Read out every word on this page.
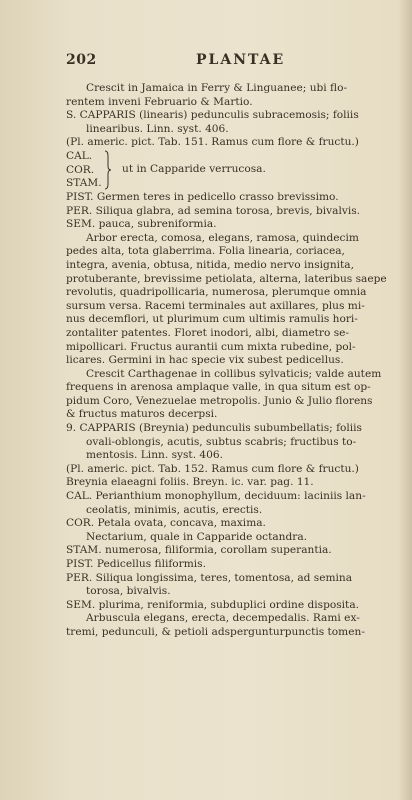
202	PLANTAE
Crescit in Jamaica in Ferry & Linguanee; ubi flo-
rentem inveni Februario & Martio.
S. CAPPARIS (linearis) pedunculis subracemosis; foliis
linearibus. Linn. syst. 406.
(Pl. americ. pict. Tab. 151. Ramus cum flore & fructu.)
CAL.
COR.
STAM.
ut in Capparide verrucosa.
PIST. Germen teres in pedicello crasso brevissimo.
PER. Siliqua glabra, ad semina torosa, brevis, bivalvis.
SEM. pauca, subreniformia.
Arbor erecta, comosa, elegans, ramosa, quindecim
pedes alta, tota glaberrima. Folia linearia, coriacea,
integra, avenia, obtusa, nitida, medio nervo insignita,
protuberante, brevissime petiolata, alterna, lateribus saepe
revolutis, quadripollicaria, numerosa, plerumque omnia
sursum versa. Racemi terminales aut axillares, plus mi-
nus decemflori, ut plurimum cum ultimis ramulis hori-
zontaliter patentes. Floret inodori, albi, diametro se-
mipollicari. Fructus aurantii cum mixta rubedine, pol-
licares. Germini in hac specie vix subest pedicellus.
Crescit Carthagenae in collibus sylvaticis; valde autem
frequens in arenosa amplaque valle, in qua situm est op-
pidum Coro, Venezuelae metropolis. Junio & Julio florens
& fructus maturos decerpsi.
9. CAPPARIS (Breynia) pedunculis subumbellatis; foliis
ovali-oblongis, acutis, subtus scabris; fructibus to-
mentosis. Linn. syst. 406.
(Pl. americ. pict. Tab. 152. Ramus cum flore & fructu.)
Breynia elaeagni foliis. Breyn. ic. var. pag. 11.
CAL. Perianthium monophyllum, deciduum: laciniis lan-
ceolatis, minimis, acutis, erectis.
COR. Petala ovata, concava, maxima.
Nectarium, quale in Capparide octandra.
STAM. numerosa, filiformia, corollam superantia.
PIST. Pedicellus filiformis.
PER. Siliqua longissima, teres, tomentosa, ad semina
torosa, bivalvis.
SEM. plurima, reniformia, subduplici ordine disposita.
Arbuscula elegans, erecta, decempedalis. Rami ex-
tremi, pedunculi, & petioli adspergunturpunctis tomen-
